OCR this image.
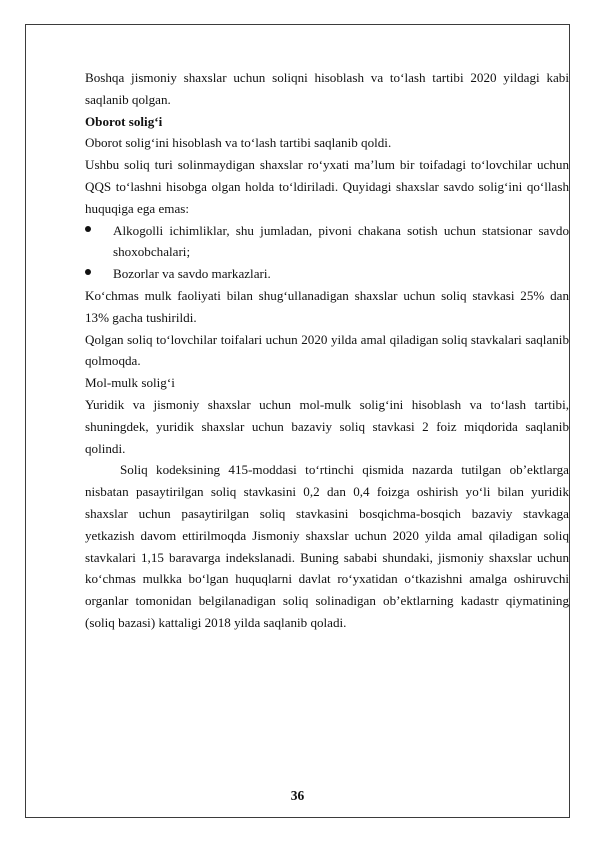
Boshqa jismoniy shaxslar uchun soliqni hisoblash va to‘lash tartibi 2020 yildagi kabi saqlanib qolgan.

Oborot solig‘i

Oborot solig‘ini hisoblash va to‘lash tartibi saqlanib qoldi.

Ushbu soliq turi solinmaydigan shaxslar ro‘yxati ma’lum bir toifadagi to‘lovchilar uchun QQS to‘lashni hisobga olgan holda to‘ldiriladi. Quyidagi shaxslar savdo solig‘ini qo‘llash huquqiga ega emas:

Alkogolli ichimliklar, shu jumladan, pivoni chakana sotish uchun statsionar savdo shoxobchalari;

Bozorlar va savdo markazlari.

Ko‘chmas mulk faoliyati bilan shug‘ullanadigan shaxslar uchun soliq stavkasi 25% dan 13% gacha tushirildi.

Qolgan soliq to‘lovchilar toifalari uchun 2020 yilda amal qiladigan soliq stavkalari saqlanib qolmoqda.

Mol-mulk solig‘i

Yuridik va jismoniy shaxslar uchun mol-mulk solig‘ini hisoblash va to‘lash tartibi, shuningdek, yuridik shaxslar uchun bazaviy soliq stavkasi 2 foiz miqdorida saqlanib qolindi.

Soliq kodeksining 415-moddasi to‘rtinchi qismida nazarda tutilgan ob’ektlarga nisbatan pasaytirilgan soliq stavkasini 0,2 dan 0,4 foizga oshirish yo‘li bilan yuridik shaxslar uchun pasaytirilgan soliq stavkasini bosqichma-bosqich bazaviy stavkaga yetkazish davom ettirilmoqda Jismoniy shaxslar uchun 2020 yilda amal qiladigan soliq stavkalari 1,15 baravarga indekslanadi. Buning sababi shundaki, jismoniy shaxslar uchun ko‘chmas mulkka bo‘lgan huquqlarni davlat ro‘yxatidan o‘tkazishni amalga oshiruvchi organlar tomonidan belgilanadigan soliq solinadigan ob’ektlarning kadastr qiymatining (soliq bazasi) kattaligi 2018 yilda saqlanib qoladi.

36
